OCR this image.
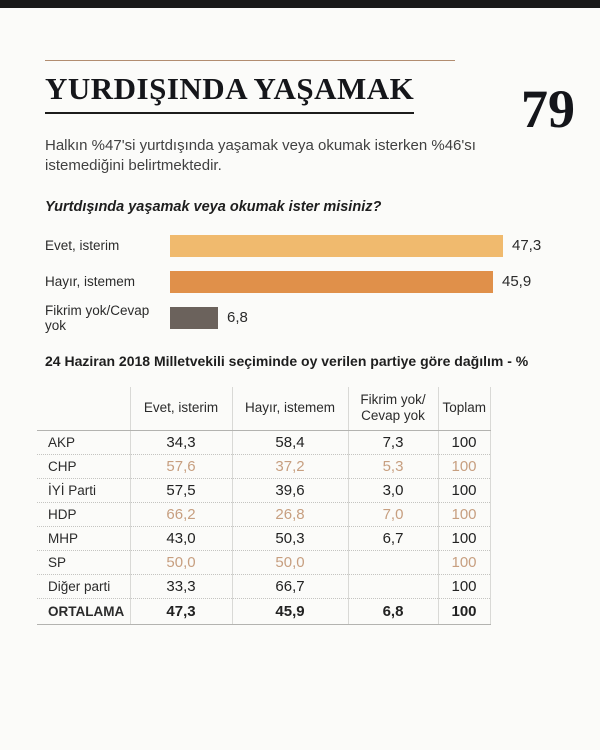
79
YURDIŞINDA YAŞAMAK

Halkın %47'si yurtdışında yaşamak veya okumak isterken %46'sı istemediğini belirtmektedir.

Yurtdışında yaşamak veya okumak ister misiniz?

Evet, isterim	47,3
Hayır, istemem	45,9
Fikrim yok/Cevap yok	6,8

24 Haziran 2018 Milletvekili seçiminde oy verilen partiye göre dağılım - %

	Evet, isterim	Hayır, istemem	Fikrim yok/ Cevap yok	Toplam
AKP	34,3	58,4	7,3	100
CHP	57,6	37,2	5,3	100
İYİ Parti	57,5	39,6	3,0	100
HDP	66,2	26,8	7,0	100
MHP	43,0	50,3	6,7	100
SP	50,0	50,0		100
Diğer parti	33,3	66,7		100
ORTALAMA	47,3	45,9	6,8	100
